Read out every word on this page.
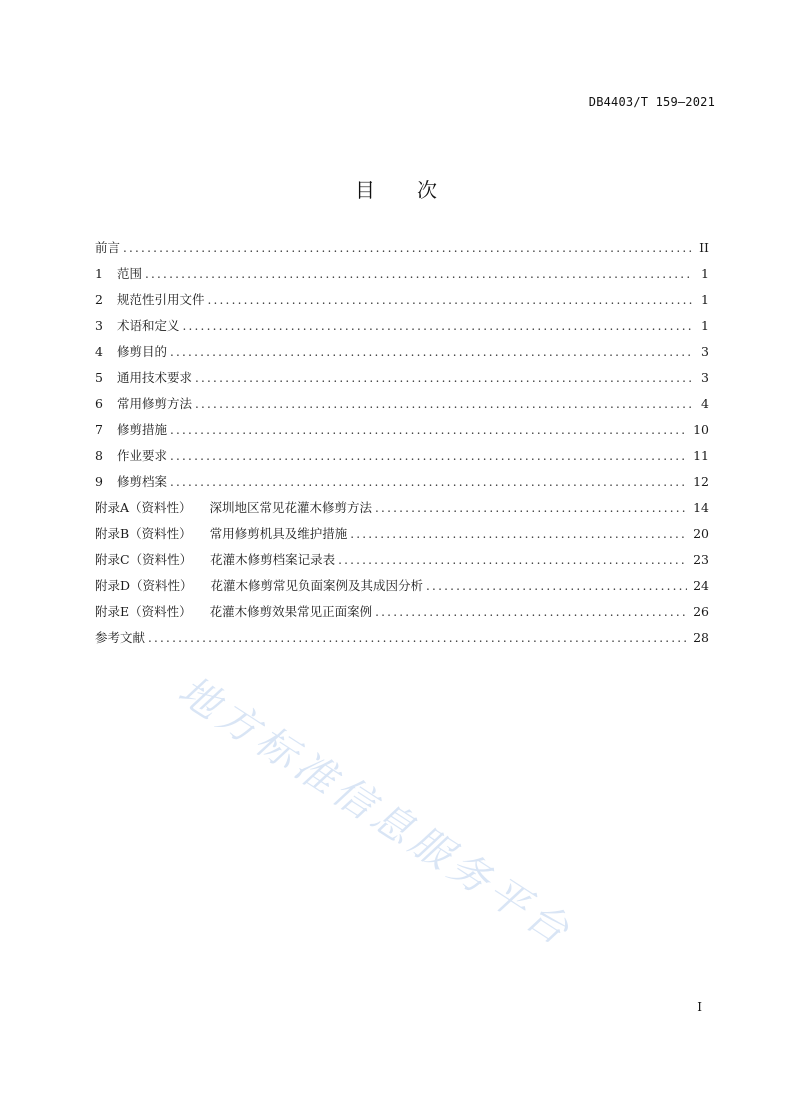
DB4403/T 159—2021
目次
前言 .....	II
1	范围 .....	1
2	规范性引用文件 .....	1
3	术语和定义 .....	1
4	修剪目的 .....	3
5	通用技术要求 .....	3
6	常用修剪方法 .....	4
7	修剪措施 .....	10
8	作业要求 .....	11
9	修剪档案 .....	12
附录A（资料性） 深圳地区常见花灌木修剪方法 .....	14
附录B（资料性） 常用修剪机具及维护措施 .....	20
附录C（资料性） 花灌木修剪档案记录表 .....	23
附录D（资料性） 花灌木修剪常见负面案例及其成因分析 .....	24
附录E（资料性） 花灌木修剪效果常见正面案例 .....	26
参考文献 .....	28
地方标准信息服务平台
I
